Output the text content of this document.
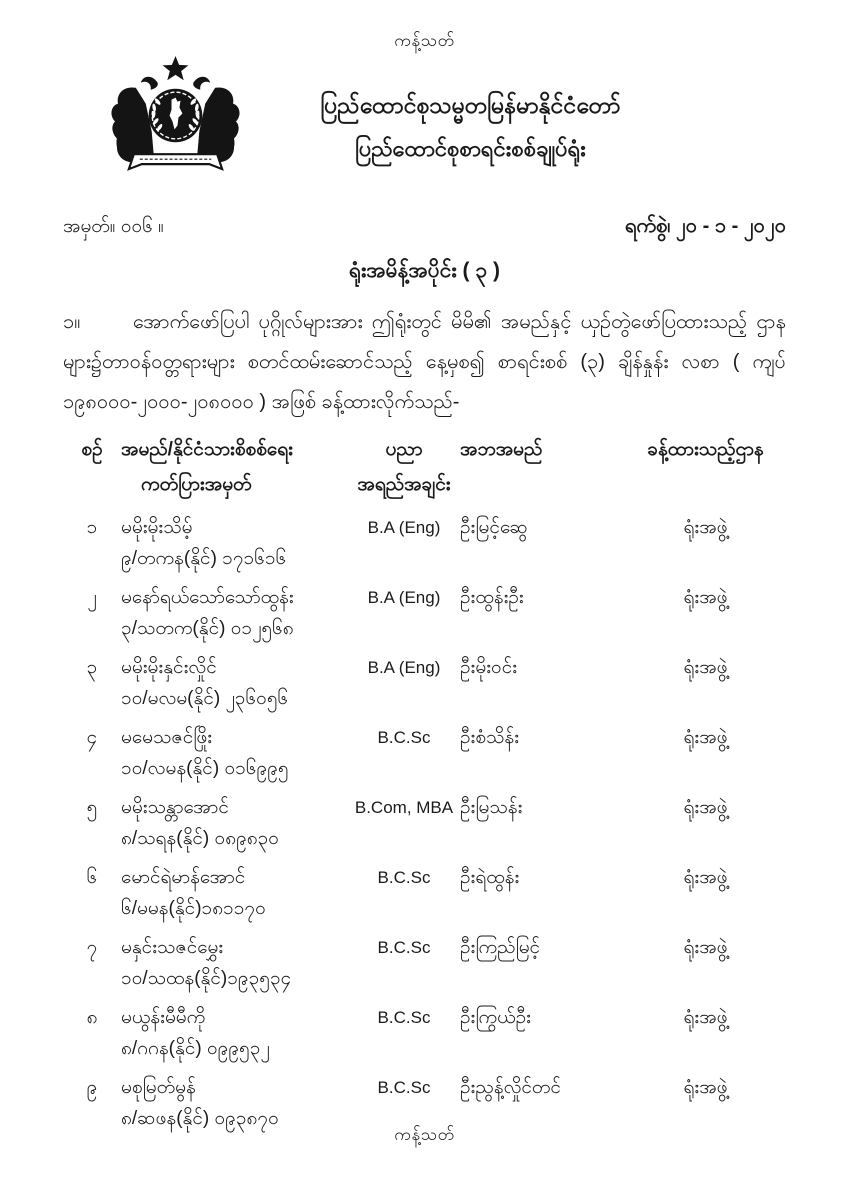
ကန့်သတ်
ပြည်ထောင်စုသမ္မတမြန်မာနိုင်ငံတော်
ပြည်ထောင်စုစာရင်းစစ်ချုပ်ရုံး
အမှတ်။ ၀၀၆ ။	ရက်စွဲ၊ ၂၀ - ၁ - ၂၀၂၀
ရုံးအမိန့်အပိုင်း ( ၃ )
၁။	အောက်ဖော်ပြပါ ပုဂ္ဂိုလ်များအား ဤရုံးတွင် မိမိ၏ အမည်နှင့် ယှဉ်တွဲဖော်ပြထားသည့် ဌာနများ၌တာဝန်ဝတ္တရားများ စတင်ထမ်းဆောင်သည့် နေ့မှစ၍ စာရင်းစစ် (၃) ချိန်နှုန်း လစာ ( ကျပ် ၁၉၈၀၀၀-၂၀၀၀-၂၀၈၀၀၀ ) အဖြစ် ခန့်ထားလိုက်သည်-
စဉ် အမည်/နိုင်ငံသားစိစစ်ရေး
ကတ်ပြားအမှတ်
ပညာ
အရည်အချင်း
အဘအမည်	ခန့်ထားသည့်ဌာန
၁	မမိုးမိုးသိမ့်
၉/တကန(နိုင်) ၁၇၁၆၁၆
B.A (Eng)	ဦးမြင့်ဆွေ	ရုံးအဖွဲ့
၂	မနော်ရယ်သော်သော်ထွန်း
၃/သတက(နိုင်) ၀၁၂၅၆၈
B.A (Eng)	ဦးထွန်းဦး	ရုံးအဖွဲ့
၃	မမိုးမိုးနှင်းလှိုင်
၁၀/မလမ(နိုင်) ၂၃၆၀၅၆
B.A (Eng)	ဦးမိုးဝင်း	ရုံးအဖွဲ့
၄	မမေသဇင်ဖြိုး
၁၀/လမန(နိုင်) ၀၁၆၉၉၅
B.C.Sc	ဦးစံသိန်း	ရုံးအဖွဲ့
၅	မမိုးသန္တာအောင်
၈/သရန(နိုင်) ၀၈၉၈၃၀
B.Com, MBA ဦးမြသန်း	ရုံးအဖွဲ့
၆	မောင်ရဲမာန်အောင်
၆/မမန(နိုင်)၁၈၁၁၇၀
B.C.Sc	ဦးရဲထွန်း	ရုံးအဖွဲ့
၇	မနှင်းသဇင်မွှေး
၁၀/သထန(နိုင်)၁၉၃၅၃၄
B.C.Sc	ဦးကြည်မြင့်	ရုံးအဖွဲ့
၈	မယွန်းမီမီကို
၈/ဂဂန(နိုင်) ၀၉၉၅၃၂
B.C.Sc	ဦးကြွယ်ဦး	ရုံးအဖွဲ့
၉	မစုမြတ်မွန်
၈/ဆဖန(နိုင်) ၀၉၃၈၇၀
B.C.Sc	ဦးညွန့်လှိုင်တင်	ရုံးအဖွဲ့
ကန့်သတ်
